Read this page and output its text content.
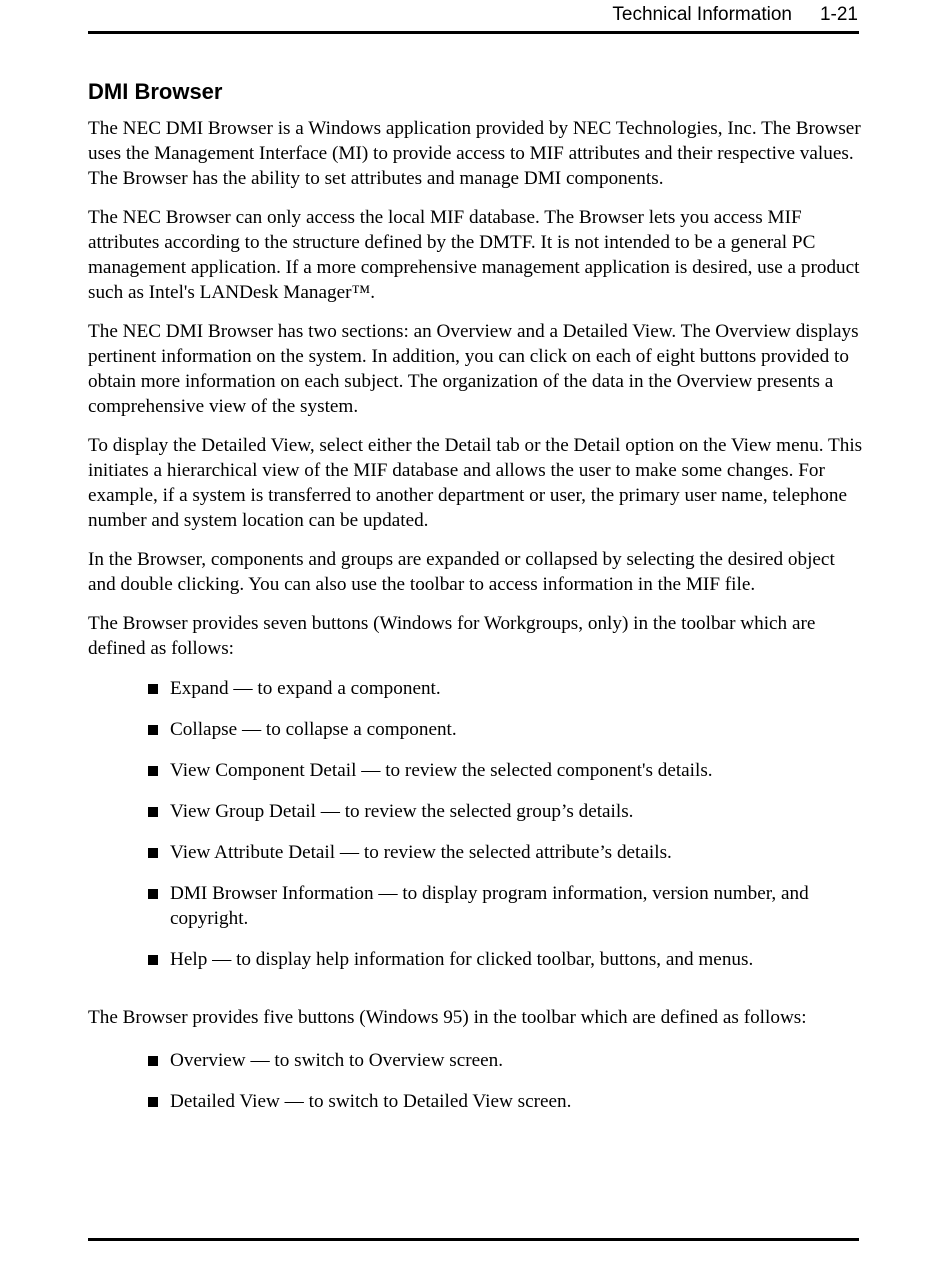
Technical Information 1-21
DMI Browser

The NEC DMI Browser is a Windows application provided by NEC Technologies, Inc. The Browser uses the Management Interface (MI) to provide access to MIF attributes and their respective values. The Browser has the ability to set attributes and manage DMI components.

The NEC Browser can only access the local MIF database. The Browser lets you access MIF attributes according to the structure defined by the DMTF. It is not intended to be a general PC management application. If a more comprehensive management application is desired, use a product such as Intel's LANDesk Manager™.

The NEC DMI Browser has two sections: an Overview and a Detailed View. The Overview displays pertinent information on the system. In addition, you can click on each of eight buttons provided to obtain more information on each subject. The organization of the data in the Overview presents a comprehensive view of the system.

To display the Detailed View, select either the Detail tab or the Detail option on the View menu. This initiates a hierarchical view of the MIF database and allows the user to make some changes. For example, if a system is transferred to another department or user, the primary user name, telephone number and system location can be updated.

In the Browser, components and groups are expanded or collapsed by selecting the desired object and double clicking. You can also use the toolbar to access information in the MIF file.

The Browser provides seven buttons (Windows for Workgroups, only) in the toolbar which are defined as follows:

Expand — to expand a component.
Collapse — to collapse a component.
View Component Detail — to review the selected component's details.
View Group Detail — to review the selected group’s details.
View Attribute Detail — to review the selected attribute’s details.
DMI Browser Information — to display program information, version number, and copyright.
Help — to display help information for clicked toolbar, buttons, and menus.

The Browser provides five buttons (Windows 95) in the toolbar which are defined as follows:

Overview — to switch to Overview screen.
Detailed View — to switch to Detailed View screen.
